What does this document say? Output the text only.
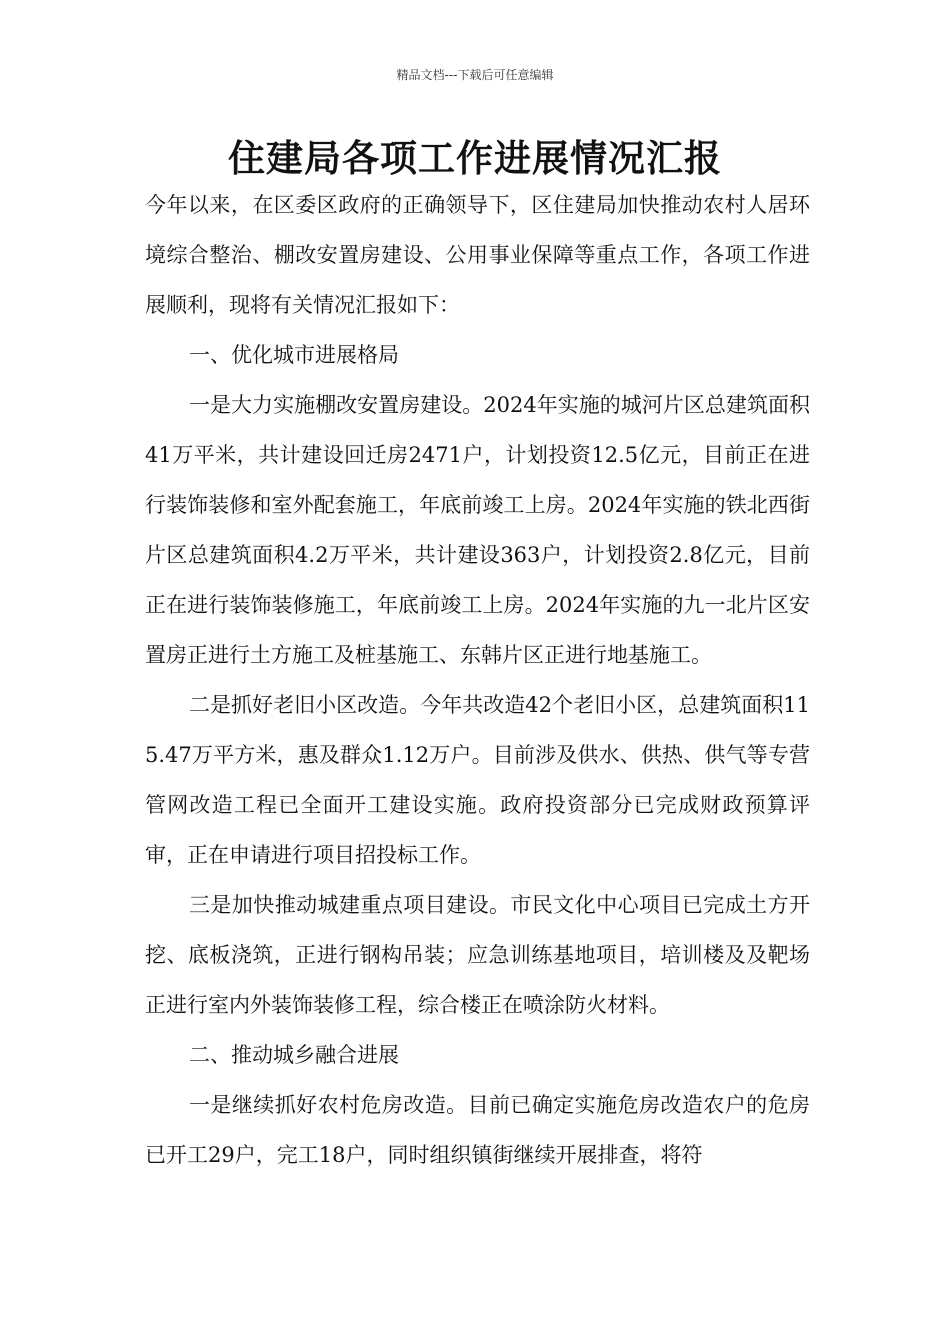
精品文档---下载后可任意编辑
住建局各项工作进展情况汇报

今年以来，在区委区政府的正确领导下，区住建局加快推动农村人居环境综合整治、棚改安置房建设、公用事业保障等重点工作，各项工作进展顺利，现将有关情况汇报如下：

一、优化城市进展格局

一是大力实施棚改安置房建设。2024年实施的城河片区总建筑面积41万平米，共计建设回迁房2471户，计划投资12.5亿元，目前正在进行装饰装修和室外配套施工，年底前竣工上房。2024年实施的铁北西街片区总建筑面积4.2万平米，共计建设363户，计划投资2.8亿元，目前正在进行装饰装修施工，年底前竣工上房。2024年实施的九一北片区安置房正进行土方施工及桩基施工、东韩片区正进行地基施工。

二是抓好老旧小区改造。今年共改造42个老旧小区，总建筑面积115.47万平方米，惠及群众1.12万户。目前涉及供水、供热、供气等专营管网改造工程已全面开工建设实施。政府投资部分已完成财政预算评审，正在申请进行项目招投标工作。

三是加快推动城建重点项目建设。市民文化中心项目已完成土方开挖、底板浇筑，正进行钢构吊装；应急训练基地项目，培训楼及及靶场正进行室内外装饰装修工程，综合楼正在喷涂防火材料。

二、推动城乡融合进展

一是继续抓好农村危房改造。目前已确定实施危房改造农户的危房已开工29户，完工18户，同时组织镇街继续开展排查，将符
